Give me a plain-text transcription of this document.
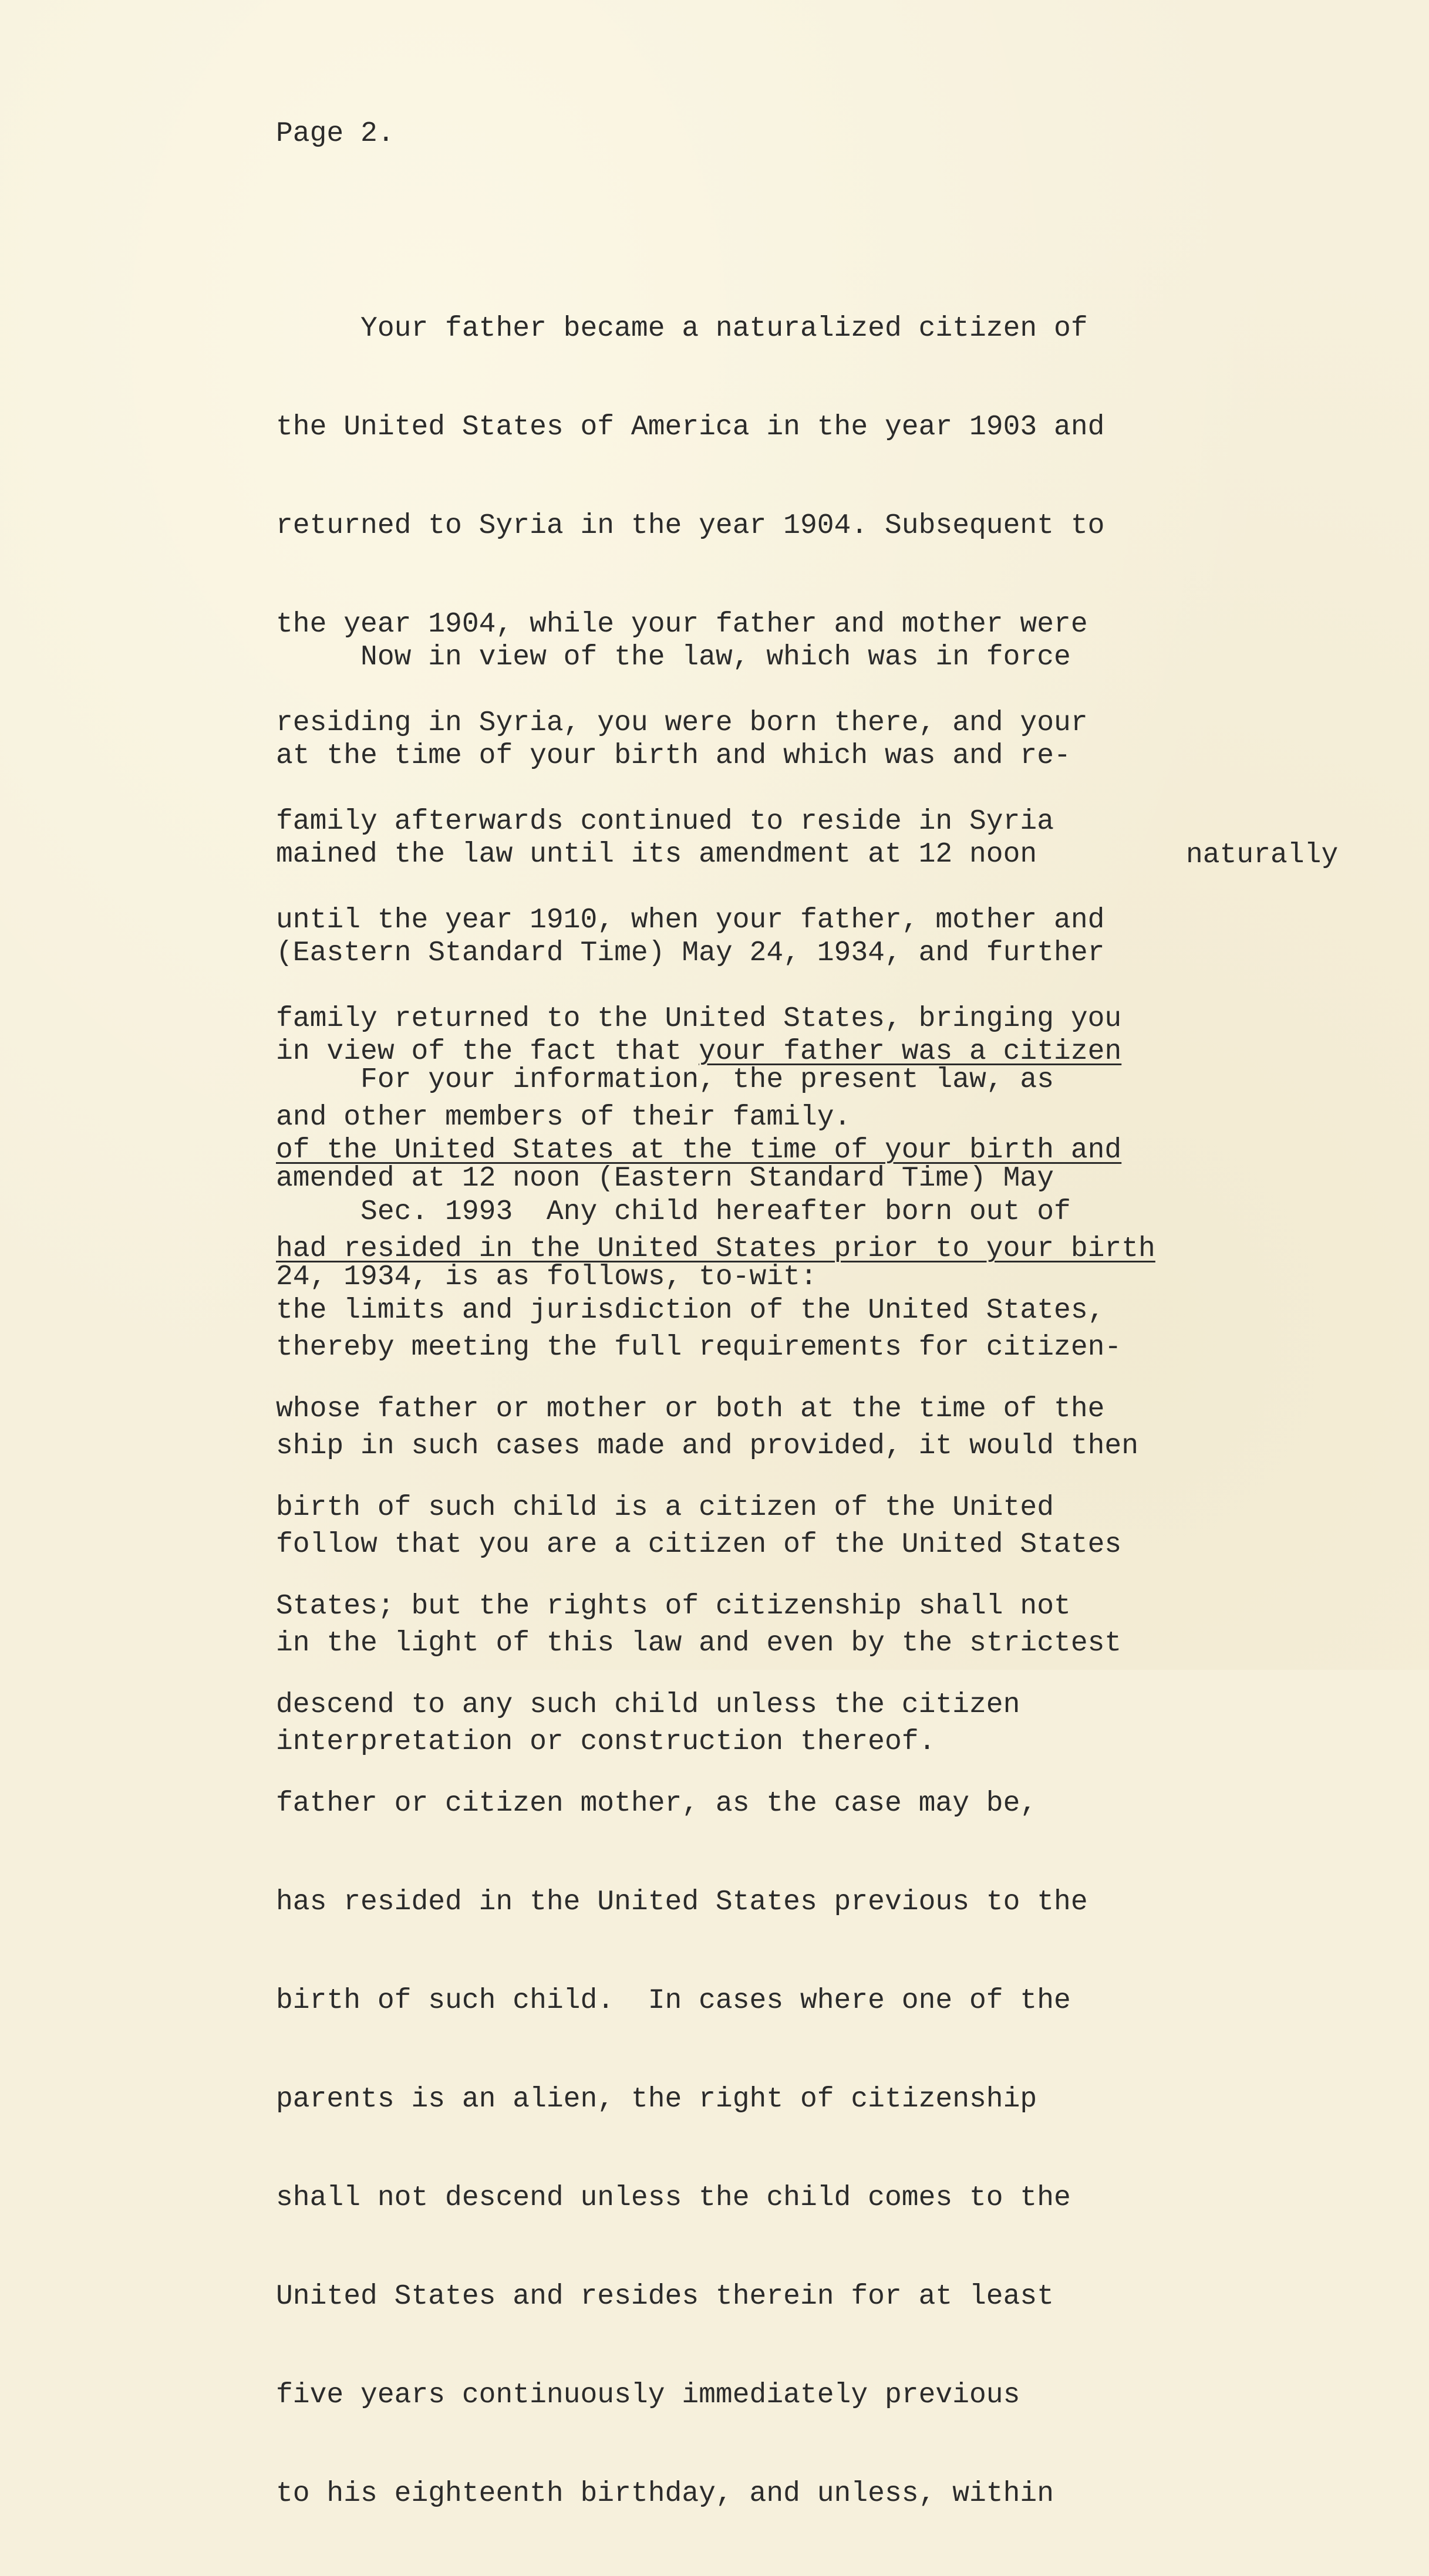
Page 2.

Your father became a naturalized citizen of

the United States of America in the year 1903 and

returned to Syria in the year 1904. Subsequent to

the year 1904, while your father and mother were

residing in Syria, you were born there, and your

family afterwards continued to reside in Syria

until the year 1910, when your father, mother and

family returned to the United States, bringing you

and other members of their family.

Now in view of the law, which was in force

at the time of your birth and which was and re-

mained the law until its amendment at 12 noon

(Eastern Standard Time) May 24, 1934, and further

in view of the fact that your father was a citizen

of the United States at the time of your birth and

had resided in the United States prior to your birth

thereby meeting the full requirements for citizen-

ship in such cases made and provided, it would then

follow that you are a citizen of the United States

in the light of this law and even by the strictest

interpretation or construction thereof.

naturally

For your information, the present law, as

amended at 12 noon (Eastern Standard Time) May

24, 1934, is as follows, to-wit:

Sec. 1993  Any child hereafter born out of

the limits and jurisdiction of the United States,

whose father or mother or both at the time of the

birth of such child is a citizen of the United

States; but the rights of citizenship shall not

descend to any such child unless the citizen

father or citizen mother, as the case may be,

has resided in the United States previous to the

birth of such child.  In cases where one of the

parents is an alien, the right of citizenship

shall not descend unless the child comes to the

United States and resides therein for at least

five years continuously immediately previous

to his eighteenth birthday, and unless, within
